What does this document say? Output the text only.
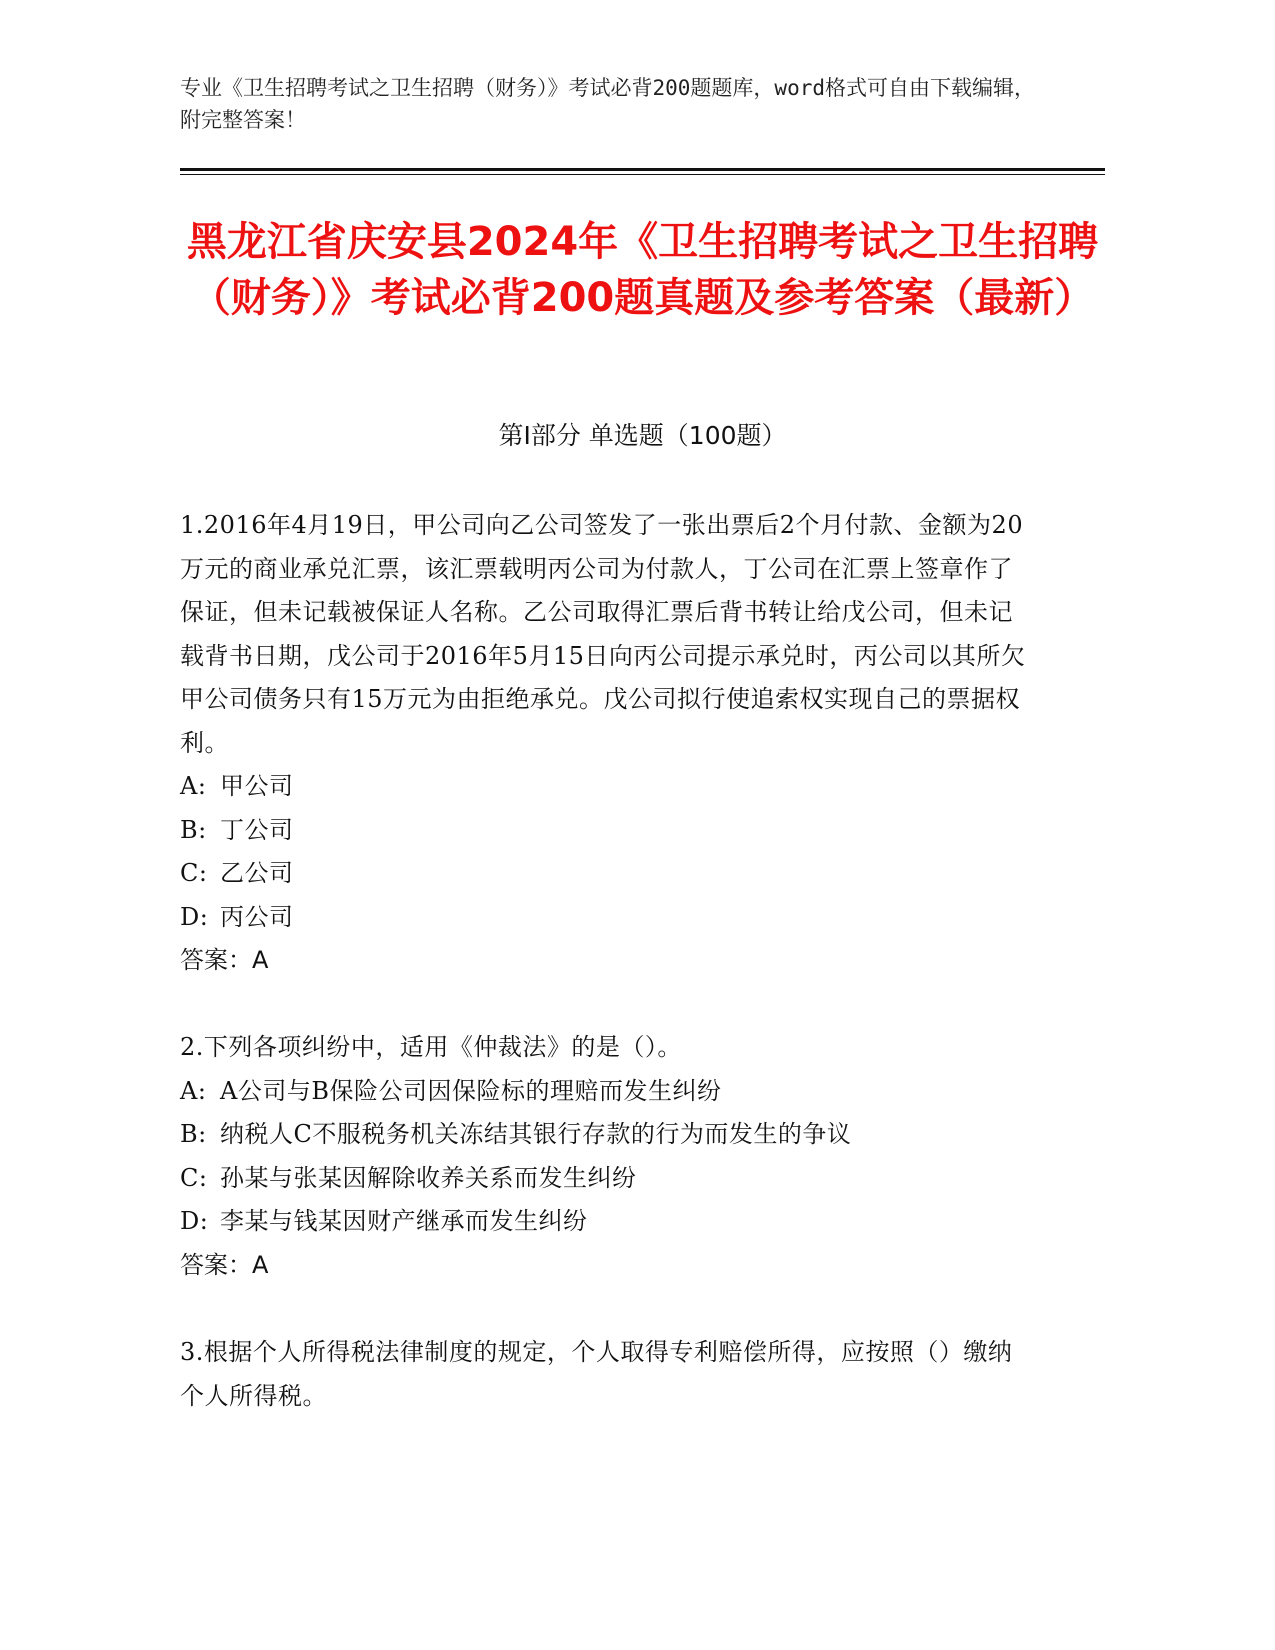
专业《卫生招聘考试之卫生招聘（财务）》考试必背200题题库，word格式可自由下载编辑，附完整答案！
黑龙江省庆安县2024年《卫生招聘考试之卫生招聘（财务）》考试必背200题真题及参考答案（最新）
第I部分 单选题（100题）

1.2016年4月19日，甲公司向乙公司签发了一张出票后2个月付款、金额为20万元的商业承兑汇票，该汇票载明丙公司为付款人，丁公司在汇票上签章作了保证，但未记载被保证人名称。乙公司取得汇票后背书转让给戊公司，但未记载背书日期，戊公司于2016年5月15日向丙公司提示承兑时，丙公司以其所欠甲公司债务只有15万元为由拒绝承兑。戊公司拟行使追索权实现自己的票据权利。

A: 甲公司

B: 丁公司

C: 乙公司

D: 丙公司

答案：A

2.下列各项纠纷中，适用《仲裁法》的是（）。

A: A公司与B保险公司因保险标的理赔而发生纠纷

B: 纳税人C不服税务机关冻结其银行存款的行为而发生的争议

C: 孙某与张某因解除收养关系而发生纠纷

D: 李某与钱某因财产继承而发生纠纷

答案：A

3.根据个人所得税法律制度的规定，个人取得专利赔偿所得，应按照（）缴纳个人所得税。
